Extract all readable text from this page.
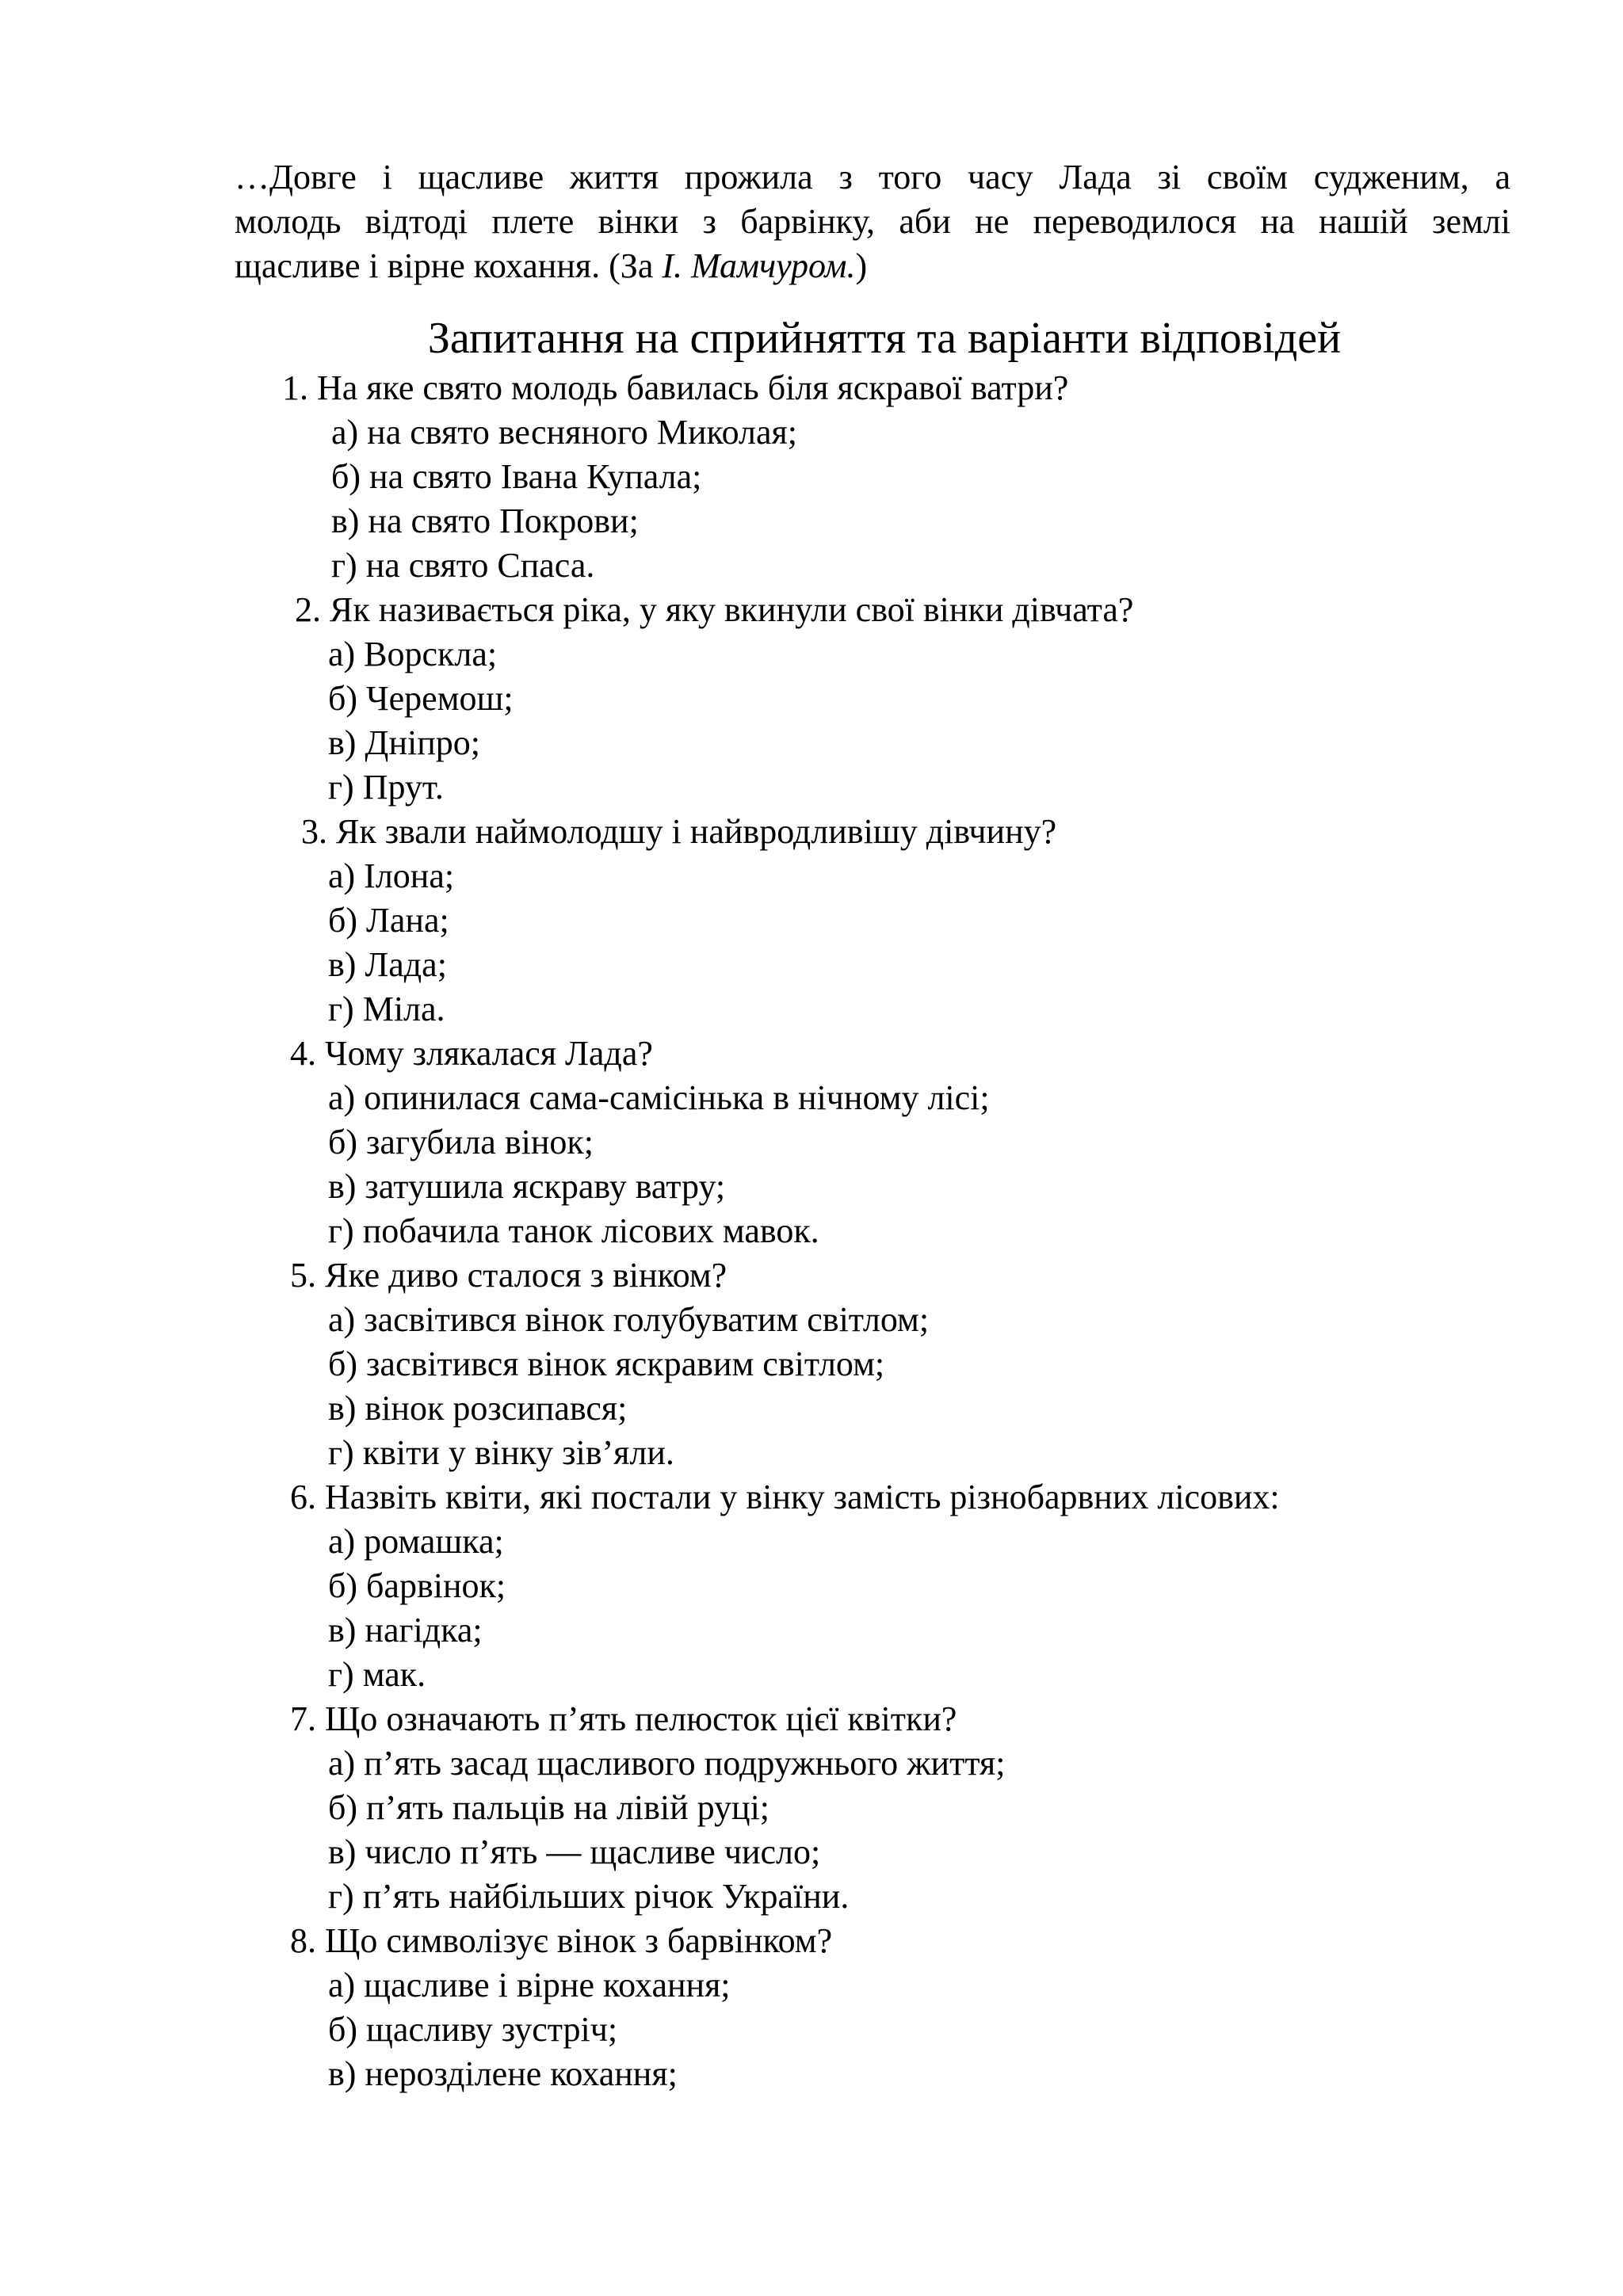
…Довге і щасливе життя прожила з того часу Лада зі своїм судженим, а
молодь відтоді плете вінки з барвінку, аби не переводилося на нашій землі
щасливе і вірне кохання. (За І. Мамчуром.)

Запитання на сприйняття та варіанти відповідей
1. На яке свято молодь бавилась біля яскравої ватри?
а) на свято весняного Миколая;
б) на свято Івана Купала;
в) на свято Покрови;
г) на свято Спаса.
2. Як називається ріка, у яку вкинули свої вінки дівчата?
а) Ворскла;
б) Черемош;
в) Дніпро;
г) Прут.
3. Як звали наймолодшу і найвродливішу дівчину?
а) Ілона;
б) Лана;
в) Лада;
г) Міла.
4. Чому злякалася Лада?
а) опинилася сама-самісінька в нічному лісі;
б) загубила вінок;
в) затушила яскраву ватру;
г) побачила танок лісових мавок.
5. Яке диво сталося з вінком?
а) засвітився вінок голубуватим світлом;
б) засвітився вінок яскравим світлом;
в) вінок розсипався;
г) квіти у вінку зів’яли.
6. Назвіть квіти, які постали у вінку замість різнобарвних лісових:
а) ромашка;
б) барвінок;
в) нагідка;
г) мак.
7. Що означають п’ять пелюсток цієї квітки?
а) п’ять засад щасливого подружнього життя;
б) п’ять пальців на лівій руці;
в) число п’ять — щасливе число;
г) п’ять найбільших річок України.
8. Що символізує вінок з барвінком?
а) щасливе і вірне кохання;
б) щасливу зустріч;
в) нерозділене кохання;
